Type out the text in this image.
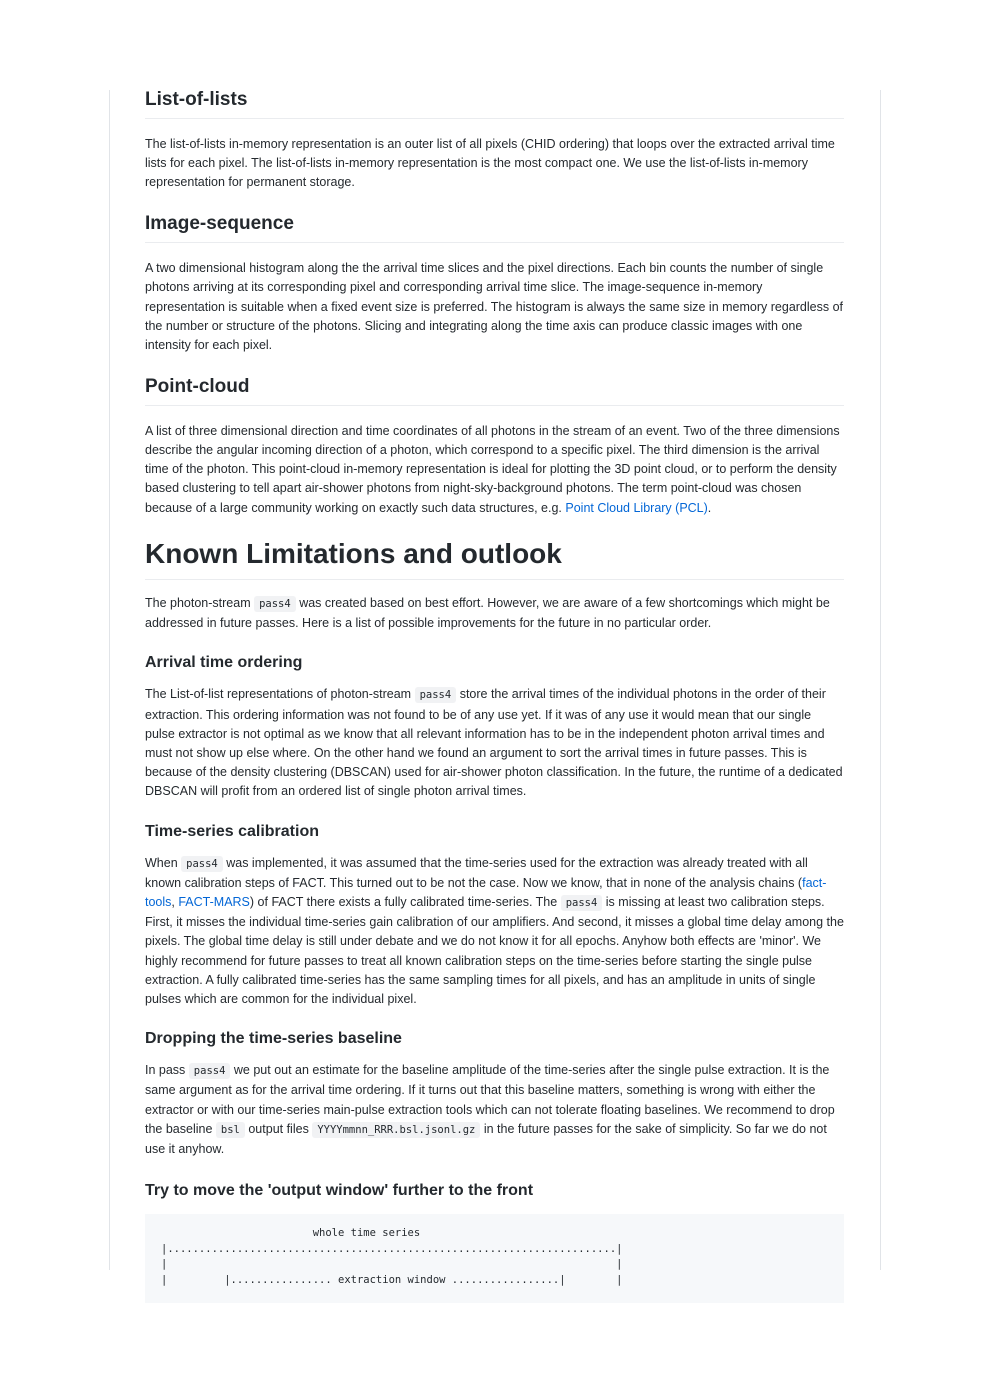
List-of-lists

The list-of-lists in-memory representation is an outer list of all pixels (CHID ordering) that loops over the extracted arrival time lists for each pixel. The list-of-lists in-memory representation is the most compact one. We use the list-of-lists in-memory representation for permanent storage.

Image-sequence

A two dimensional histogram along the the arrival time slices and the pixel directions. Each bin counts the number of single photons arriving at its corresponding pixel and corresponding arrival time slice. The image-sequence in-memory representation is suitable when a fixed event size is preferred. The histogram is always the same size in memory regardless of the number or structure of the photons. Slicing and integrating along the time axis can produce classic images with one intensity for each pixel.

Point-cloud

A list of three dimensional direction and time coordinates of all photons in the stream of an event. Two of the three dimensions describe the angular incoming direction of a photon, which correspond to a specific pixel. The third dimension is the arrival time of the photon. This point-cloud in-memory representation is ideal for plotting the 3D point cloud, or to perform the density based clustering to tell apart air-shower photons from night-sky-background photons. The term point-cloud was chosen because of a large community working on exactly such data structures, e.g. Point Cloud Library (PCL).

Known Limitations and outlook

The photon-stream pass4 was created based on best effort. However, we are aware of a few shortcomings which might be addressed in future passes. Here is a list of possible improvements for the future in no particular order.

Arrival time ordering

The List-of-list representations of photon-stream pass4 store the arrival times of the individual photons in the order of their extraction. This ordering information was not found to be of any use yet. If it was of any use it would mean that our single pulse extractor is not optimal as we know that all relevant information has to be in the independent photon arrival times and must not show up else where. On the other hand we found an argument to sort the arrival times in future passes. This is because of the density clustering (DBSCAN) used for air-shower photon classification. In the future, the runtime of a dedicated DBSCAN will profit from an ordered list of single photon arrival times.

Time-series calibration

When pass4 was implemented, it was assumed that the time-series used for the extraction was already treated with all known calibration steps of FACT. This turned out to be not the case. Now we know, that in none of the analysis chains (fact-tools, FACT-MARS) of FACT there exists a fully calibrated time-series. The pass4 is missing at least two calibration steps. First, it misses the individual time-series gain calibration of our amplifiers. And second, it misses a global time delay among the pixels. The global time delay is still under debate and we do not know it for all epochs. Anyhow both effects are 'minor'. We highly recommend for future passes to treat all known calibration steps on the time-series before starting the single pulse extraction. A fully calibrated time-series has the same sampling times for all pixels, and has an amplitude in units of single pulses which are common for the individual pixel.

Dropping the time-series baseline

In pass pass4 we put out an estimate for the baseline amplitude of the time-series after the single pulse extraction. It is the same argument as for the arrival time ordering. If it turns out that this baseline matters, something is wrong with either the extractor or with our time-series main-pulse extraction tools which can not tolerate floating baselines. We recommend to drop the baseline bsl output files YYYYmmnn_RRR.bsl.jsonl.gz in the future passes for the sake of simplicity. So far we do not use it anyhow.

Try to move the 'output window' further to the front
whole time series
|.......................................................................|
|                                                                       |
|         |................ extraction window .................|        |
